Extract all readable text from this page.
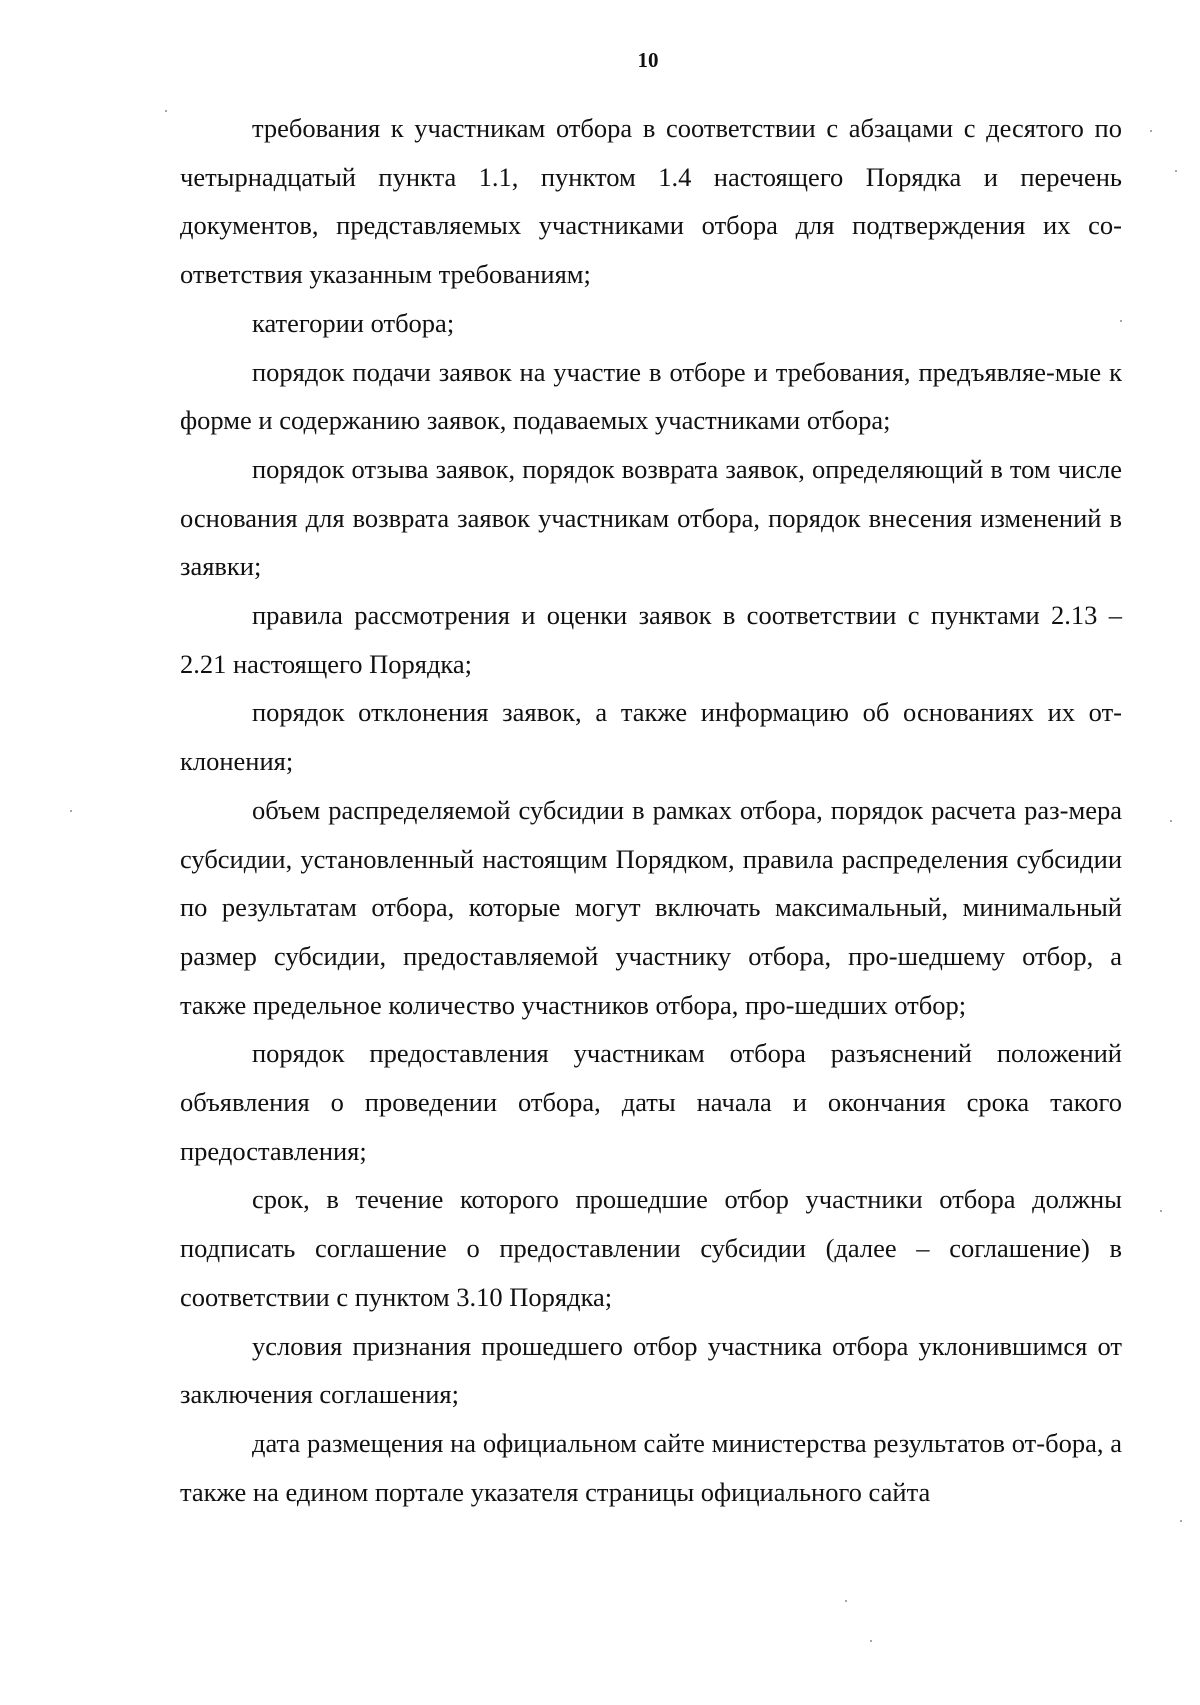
10

требования к участникам отбора в соответствии с абзацами с десятого по четырнадцатый пункта 1.1, пунктом 1.4 настоящего Порядка и перечень документов, представляемых участниками отбора для подтверждения их со-ответствия указанным требованиям;

категории отбора;

порядок подачи заявок на участие в отборе и требования, предъявляе-мые к форме и содержанию заявок, подаваемых участниками отбора;

порядок отзыва заявок, порядок возврата заявок, определяющий в том числе основания для возврата заявок участникам отбора, порядок внесения изменений в заявки;

правила рассмотрения и оценки заявок в соответствии с пунктами 2.13 – 2.21 настоящего Порядка;

порядок отклонения заявок, а также информацию об основаниях их от-клонения;

объем распределяемой субсидии в рамках отбора, порядок расчета раз-мера субсидии, установленный настоящим Порядком, правила распределения субсидии по результатам отбора, которые могут включать максимальный, минимальный размер субсидии, предоставляемой участнику отбора, про-шедшему отбор, а также предельное количество участников отбора, про-шедших отбор;

порядок предоставления участникам отбора разъяснений положений объявления о проведении отбора, даты начала и окончания срока такого предоставления;

срок, в течение которого прошедшие отбор участники отбора должны подписать соглашение о предоставлении субсидии (далее – соглашение) в соответствии с пунктом 3.10 Порядка;

условия признания прошедшего отбор участника отбора уклонившимся от заключения соглашения;

дата размещения на официальном сайте министерства результатов от-бора, а также на едином портале указателя страницы официального сайта
